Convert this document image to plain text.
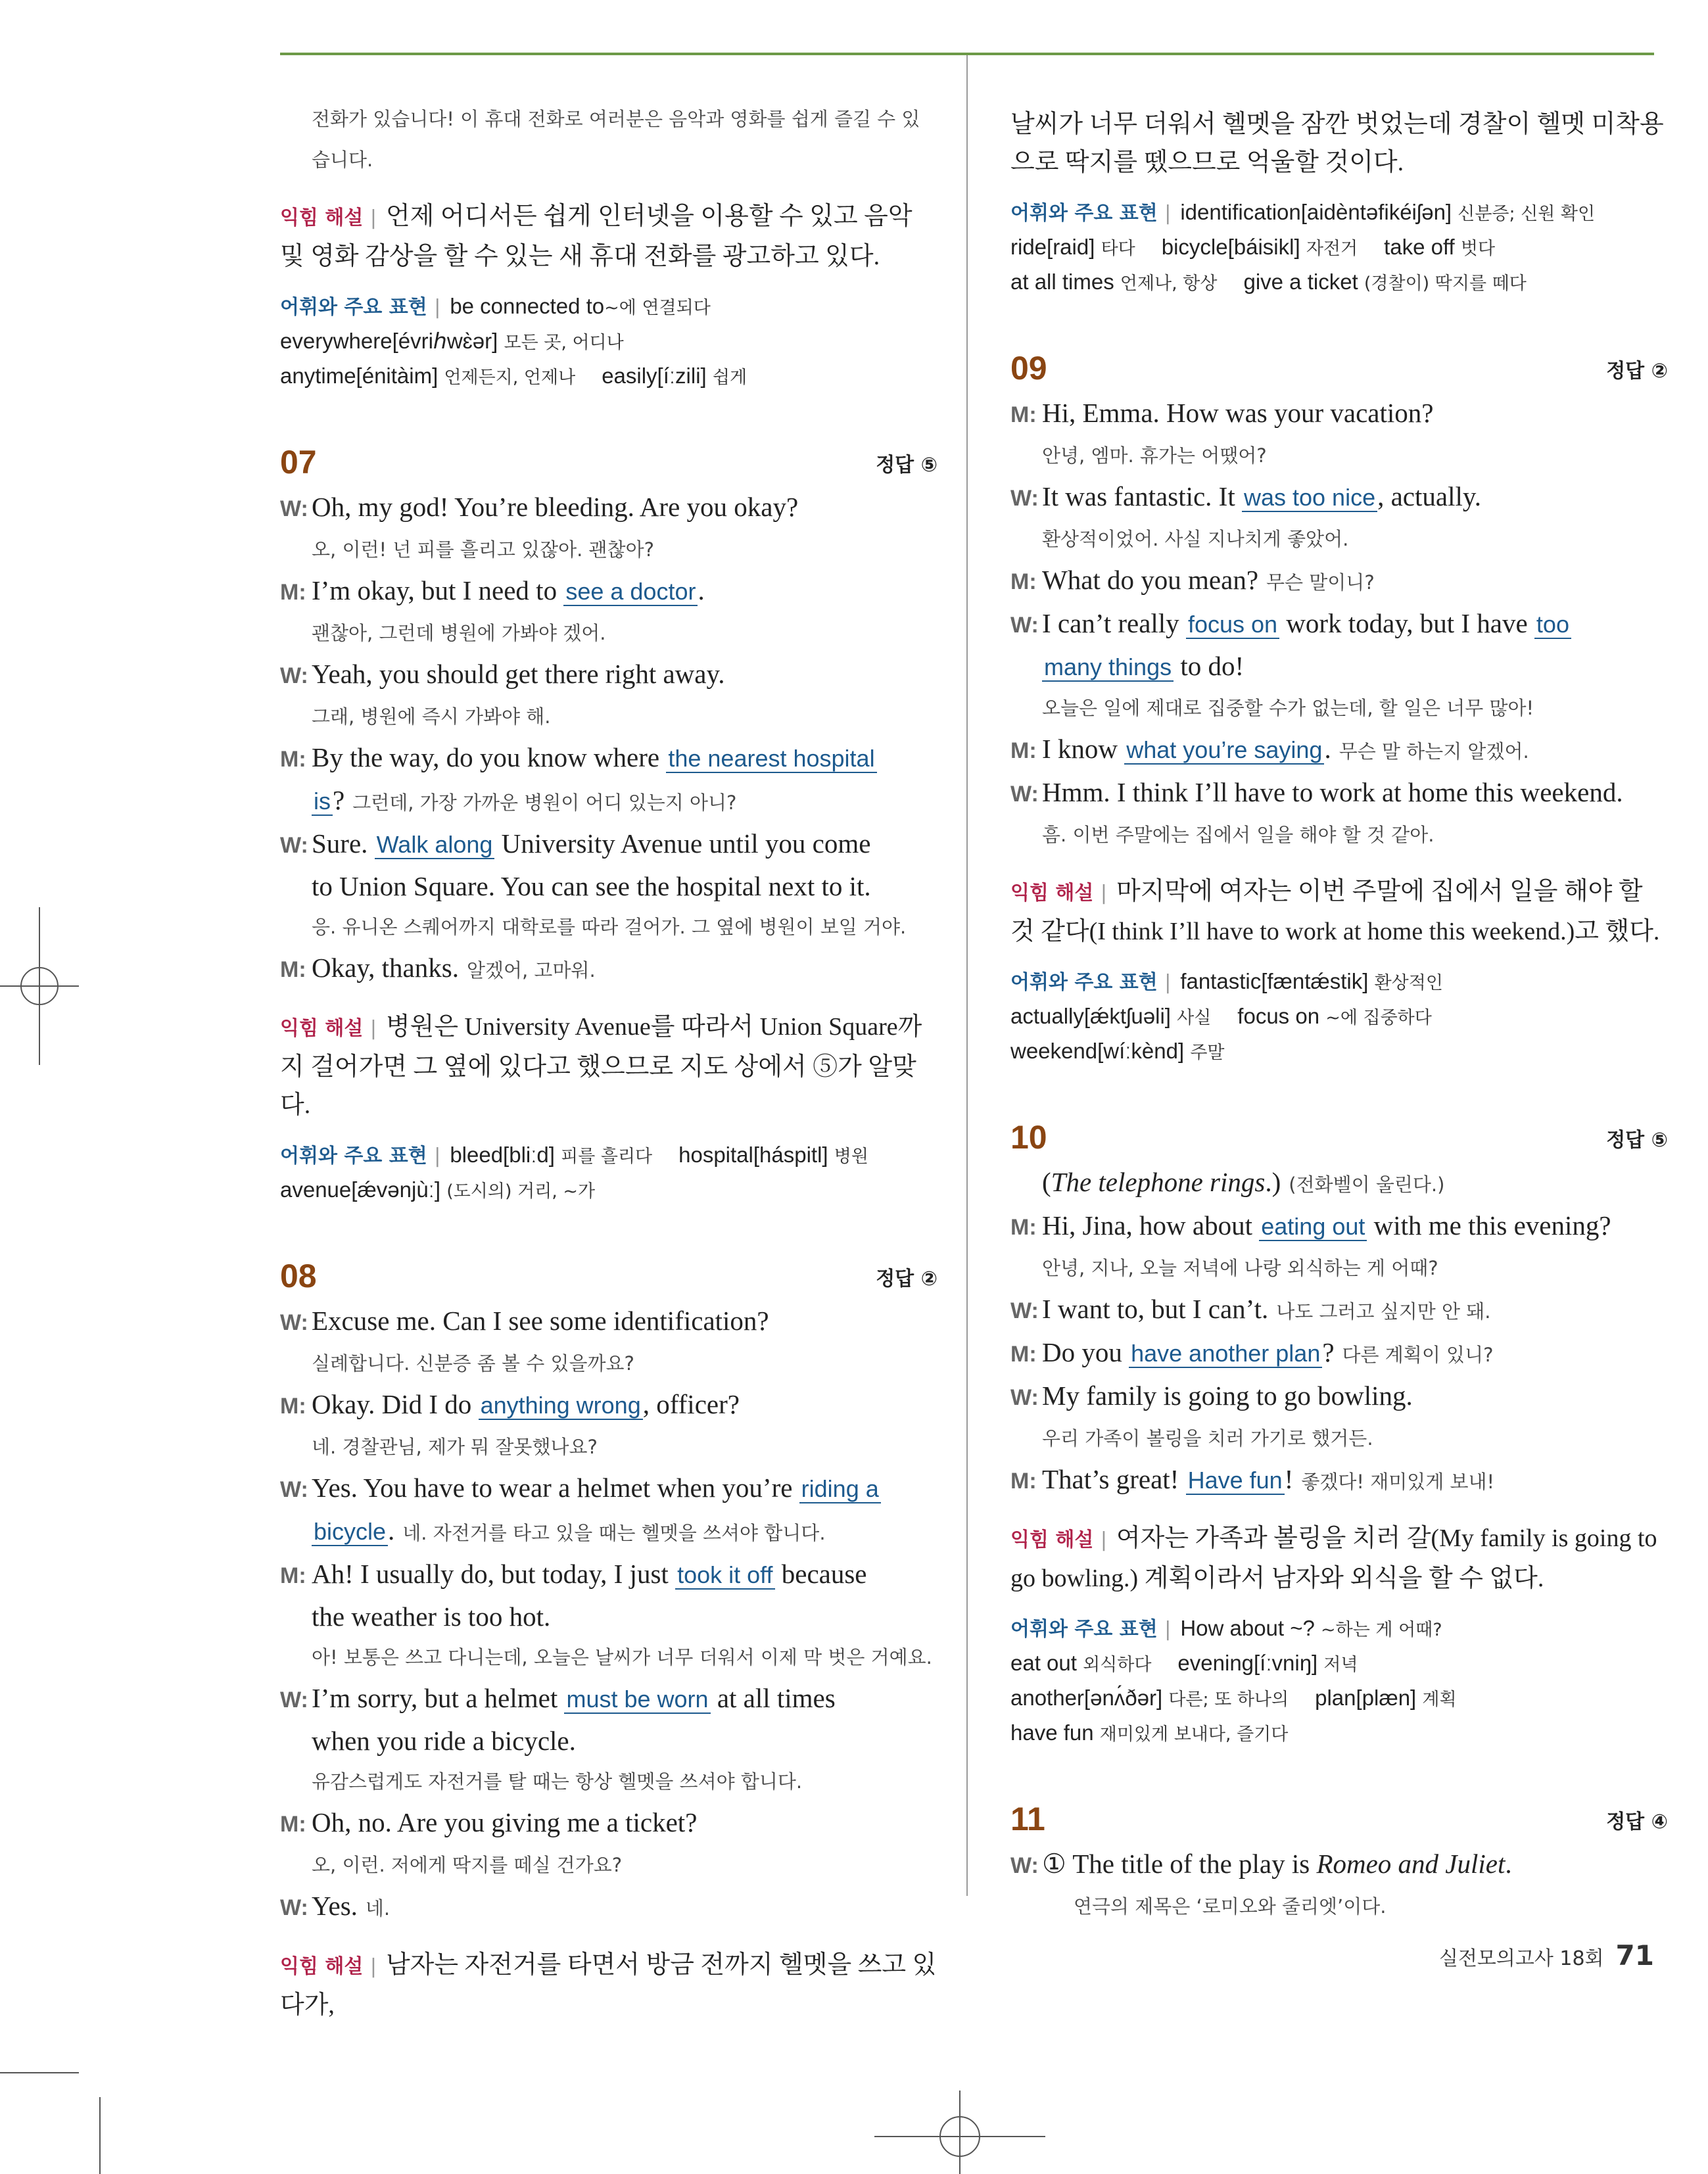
전화가 있습니다! 이 휴대 전화로 여러분은 음악과 영화를 쉽게 즐길 수 있
습니다.
익힘 해설 | 언제 어디서든 쉽게 인터넷을 이용할 수 있고 음악 및 영화 감상을 할 수 있는 새 휴대 전화를 광고하고 있다.
어휘와 주요 표현 | be connected to~에 연결되다
everywhere[évriℎwɛ̀ər] 모든 곳, 어디나
anytime[énitàim] 언제든지, 언제나 easily[íːzili] 쉽게
07	정답 ⑤
W: Oh, my god! You’re bleeding. Are you okay?
오, 이런! 넌 피를 흘리고 있잖아. 괜찮아?
M: I’m okay, but I need to see a doctor.
괜찮아, 그런데 병원에 가봐야 겠어.
W: Yeah, you should get there right away.
그래, 병원에 즉시 가봐야 해.
M: By the way, do you know where the nearest hospital
is? 그런데, 가장 가까운 병원이 어디 있는지 아니?
W: Sure. Walk along University Avenue until you come
to Union Square. You can see the hospital next to it.
응. 유니온 스퀘어까지 대학로를 따라 걸어가. 그 옆에 병원이 보일 거야.
M: Okay, thanks. 알겠어, 고마워.
익힘 해설 | 병원은 University Avenue를 따라서 Union Square까지 걸어가면 그 옆에 있다고 했으므로 지도 상에서 ⑤가 알맞다.
어휘와 주요 표현 | bleed[bliːd] 피를 흘리다 hospital[háspitl] 병원
avenue[ǽvənjùː] (도시의) 거리, ~가
08	정답 ②
W: Excuse me. Can I see some identification?
실례합니다. 신분증 좀 볼 수 있을까요?
M: Okay. Did I do anything wrong, officer?
네. 경찰관님, 제가 뭐 잘못했나요?
W: Yes. You have to wear a helmet when you’re riding a
bicycle. 네. 자전거를 타고 있을 때는 헬멧을 쓰셔야 합니다.
M: Ah! I usually do, but today, I just took it off because
the weather is too hot.
아! 보통은 쓰고 다니는데, 오늘은 날씨가 너무 더워서 이제 막 벗은 거예요.
W: I’m sorry, but a helmet must be worn at all times
when you ride a bicycle.
유감스럽게도 자전거를 탈 때는 항상 헬멧을 쓰셔야 합니다.
M: Oh, no. Are you giving me a ticket?
오, 이런. 저에게 딱지를 떼실 건가요?
W: Yes. 네.
익힘 해설 | 남자는 자전거를 타면서 방금 전까지 헬멧을 쓰고 있다가,
날씨가 너무 더워서 헬멧을 잠깐 벗었는데 경찰이 헬멧 미착용으로 딱지를 뗐으므로 억울할 것이다.
어휘와 주요 표현 | identification[aidèntəfikéiʃən] 신분증; 신원 확인
ride[raid] 타다 bicycle[báisikl] 자전거 take off 벗다
at all times 언제나, 항상 give a ticket (경찰이) 딱지를 떼다
09	정답 ②
M: Hi, Emma. How was your vacation?
안녕, 엠마. 휴가는 어땠어?
W: It was fantastic. It was too nice, actually.
환상적이었어. 사실 지나치게 좋았어.
M: What do you mean? 무슨 말이니?
W: I can’t really focus on work today, but I have too
many things to do!
오늘은 일에 제대로 집중할 수가 없는데, 할 일은 너무 많아!
M: I know what you’re saying. 무슨 말 하는지 알겠어.
W: Hmm. I think I’ll have to work at home this weekend.
흠. 이번 주말에는 집에서 일을 해야 할 것 같아.
익힘 해설 | 마지막에 여자는 이번 주말에 집에서 일을 해야 할 것 같다(I think I’ll have to work at home this weekend.)고 했다.
어휘와 주요 표현 | fantastic[fæntǽstik] 환상적인
actually[ǽktʃuəli] 사실 focus on ~에 집중하다
weekend[wíːkènd] 주말
10	정답 ⑤
(The telephone rings.) (전화벨이 울린다.)
M: Hi, Jina, how about eating out with me this evening?
안녕, 지나, 오늘 저녁에 나랑 외식하는 게 어때?
W: I want to, but I can’t. 나도 그러고 싶지만 안 돼.
M: Do you have another plan? 다른 계획이 있니?
W: My family is going to go bowling.
우리 가족이 볼링을 치러 가기로 했거든.
M: That’s great! Have fun! 좋겠다! 재미있게 보내!
익힘 해설 | 여자는 가족과 볼링을 치러 갈(My family is going to go bowling.) 계획이라서 남자와 외식을 할 수 없다.
어휘와 주요 표현 | How about ~? ~하는 게 어때?
eat out 외식하다 evening[íːvniŋ] 저녁
another[ənʌ́ðər] 다른; 또 하나의 plan[plæn] 계획
have fun 재미있게 보내다, 즐기다
11	정답 ④
W: ① The title of the play is Romeo and Juliet.
연극의 제목은 ‘로미오와 줄리엣’이다.
실전모의고사 18회 71
